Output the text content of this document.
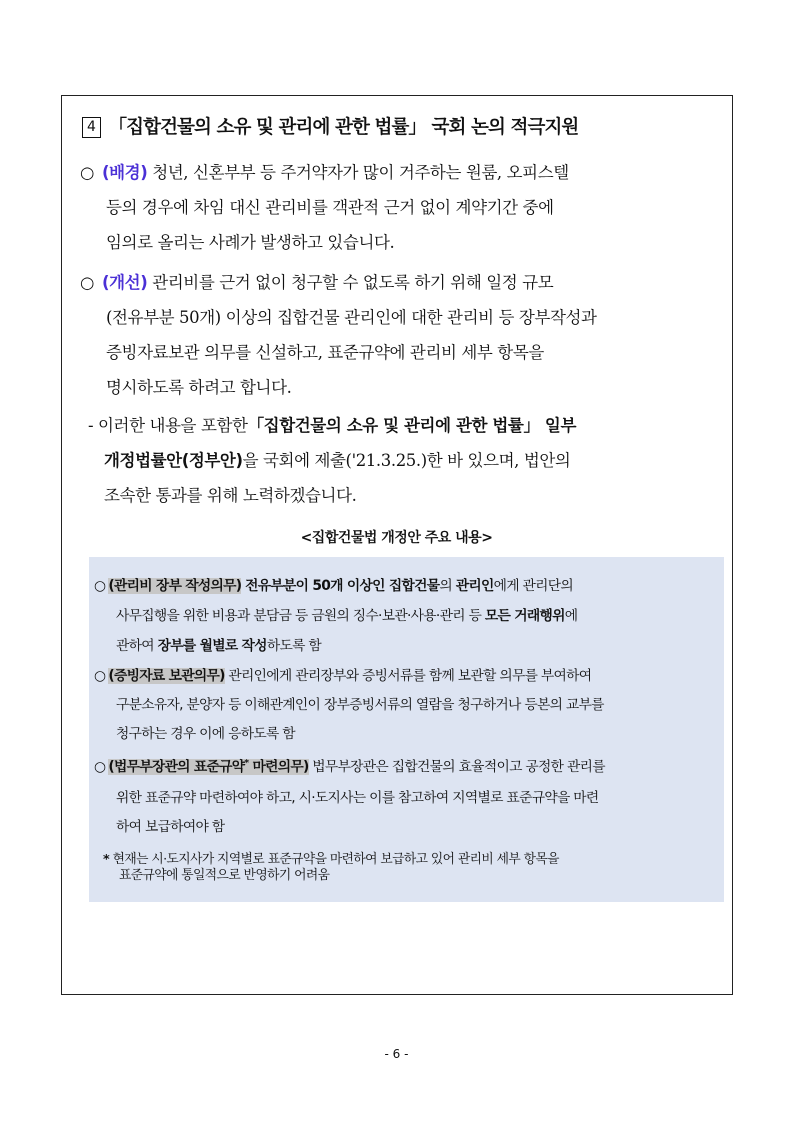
4 「집합건물의 소유 및 관리에 관한 법률」 국회 논의 적극지원
○ (배경) 청년, 신혼부부 등 주거약자가 많이 거주하는 원룸, 오피스텔
등의 경우에 차임 대신 관리비를 객관적 근거 없이 계약기간 중에
임의로 올리는 사례가 발생하고 있습니다.
○ (개선) 관리비를 근거 없이 청구할 수 없도록 하기 위해 일정 규모
(전유부분 50개) 이상의 집합건물 관리인에 대한 관리비 등 장부작성과
증빙자료보관 의무를 신설하고, 표준규약에 관리비 세부 항목을
명시하도록 하려고 합니다.
- 이러한 내용을 포함한「집합건물의 소유 및 관리에 관한 법률」 일부
개정법률안(정부안)을 국회에 제출('21.3.25.)한 바 있으며, 법안의
조속한 통과를 위해 노력하겠습니다.
<집합건물법 개정안 주요 내용>
○ (관리비 장부 작성의무) 전유부분이 50개 이상인 집합건물의 관리인에게 관리단의
사무집행을 위한 비용과 분담금 등 금원의 징수·보관·사용·관리 등 모든 거래행위에
관하여 장부를 월별로 작성하도록 함
○ (증빙자료 보관의무) 관리인에게 관리장부와 증빙서류를 함께 보관할 의무를 부여하여
구분소유자, 분양자 등 이해관계인이 장부증빙서류의 열람을 청구하거나 등본의 교부를
청구하는 경우 이에 응하도록 함
○ (법무부장관의 표준규약* 마련의무) 법무부장관은 집합건물의 효율적이고 공정한 관리를
위한 표준규약 마련하여야 하고, 시·도지사는 이를 참고하여 지역별로 표준규약을 마련
하여 보급하여야 함
* 현재는 시·도지사가 지역별로 표준규약을 마련하여 보급하고 있어 관리비 세부 항목을
표준규약에 통일적으로 반영하기 어려움
- 6 -
